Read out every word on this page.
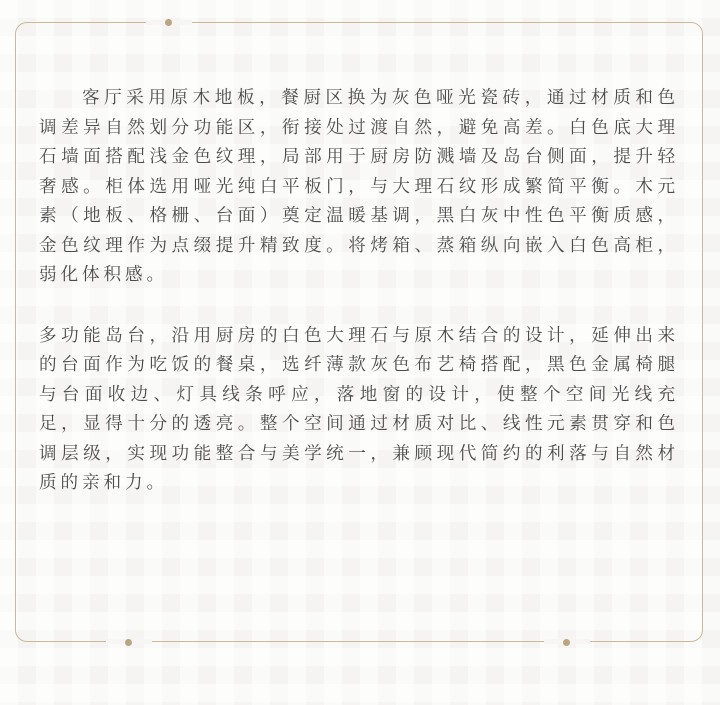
客厅采用原木地板，餐厨区换为灰色哑光瓷砖，通过材质和色调差异自然划分功能区，衔接处过渡自然，避免高差。白色底大理石墙面搭配浅金色纹理，局部用于厨房防溅墙及岛台侧面，提升轻奢感。柜体选用哑光纯白平板门，与大理石纹形成繁简平衡。木元素（地板、格栅、台面）奠定温暖基调，黑白灰中性色平衡质感，金色纹理作为点缀提升精致度。将烤箱、蒸箱纵向嵌入白色高柜，弱化体积感。

多功能岛台，沿用厨房的白色大理石与原木结合的设计，延伸出来的台面作为吃饭的餐桌，选纤薄款灰色布艺椅搭配，黑色金属椅腿与台面收边、灯具线条呼应，落地窗的设计，使整个空间光线充足，显得十分的透亮。整个空间通过材质对比、线性元素贯穿和色调层级，实现功能整合与美学统一，兼顾现代简约的利落与自然材质的亲和力。
